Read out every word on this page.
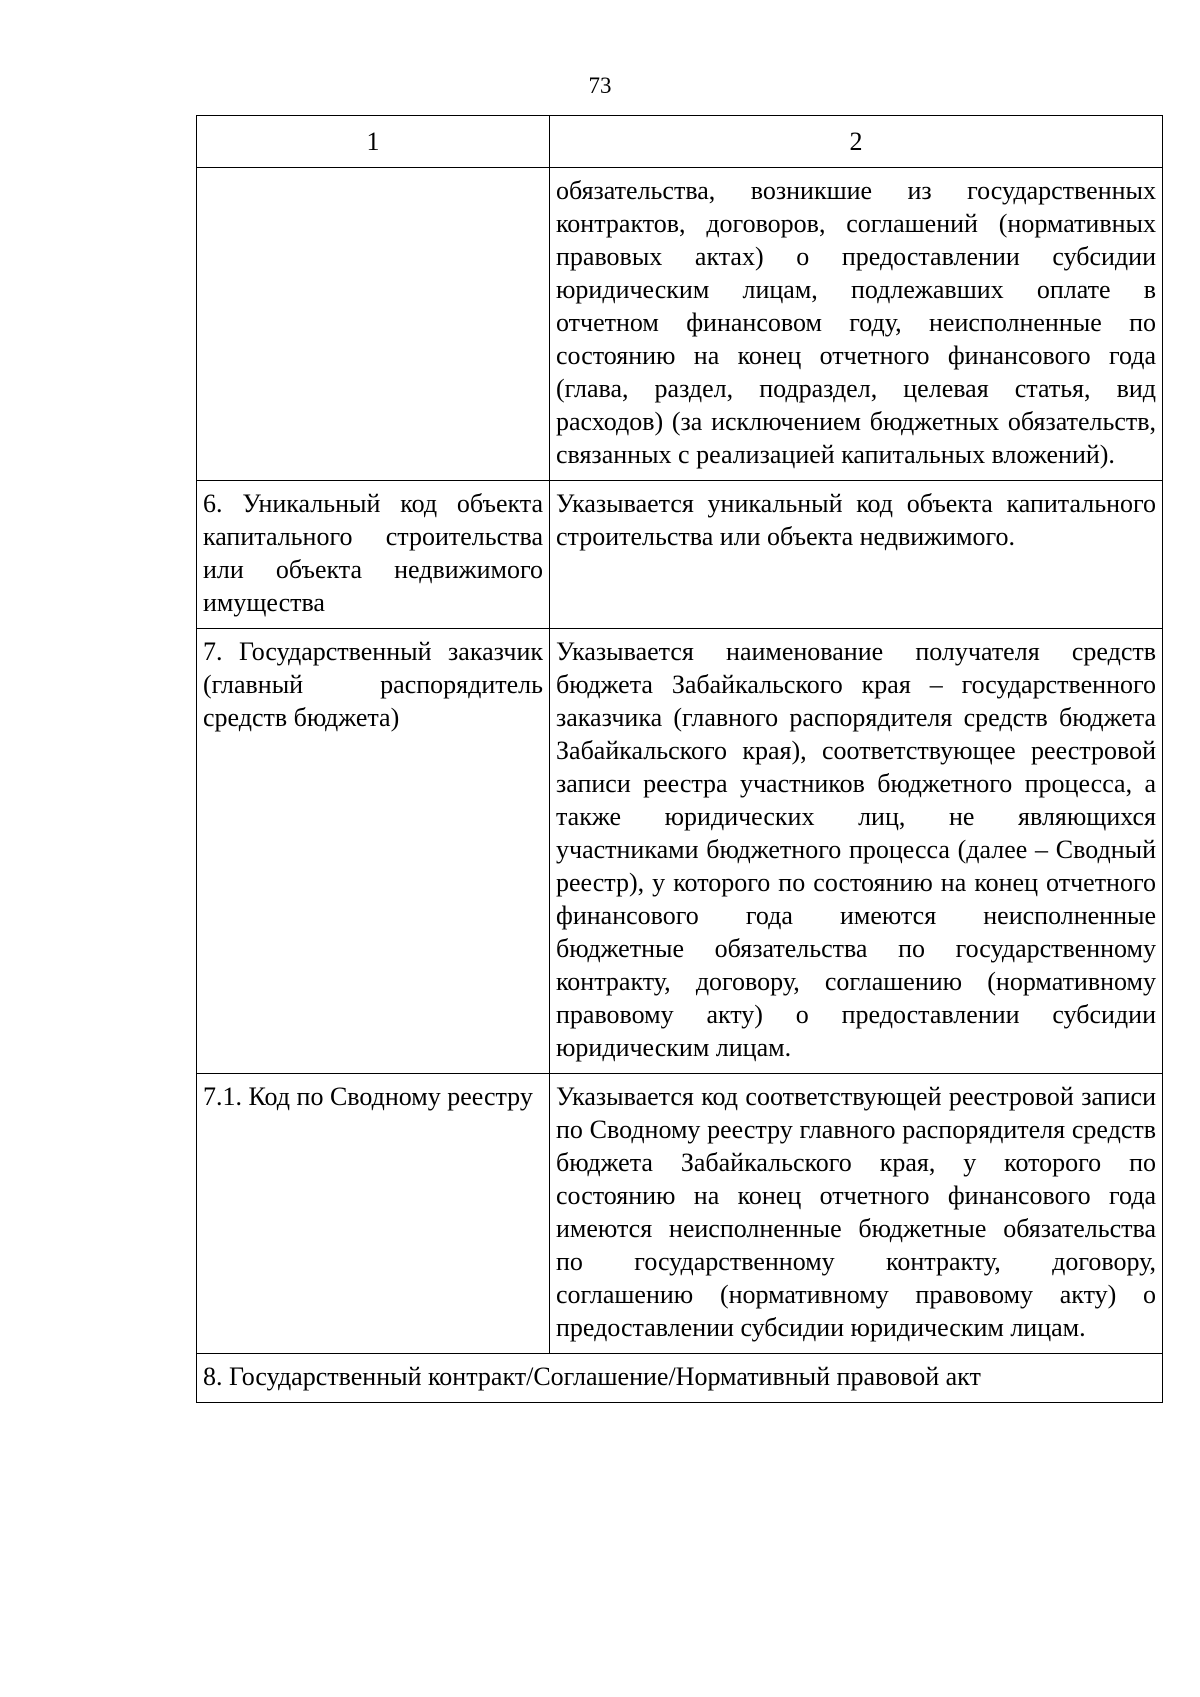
73
1	2
	обязательства, возникшие из государственных контрактов, договоров, соглашений (нормативных правовых актах) о предоставлении субсидии юридическим лицам, подлежавших оплате в отчетном финансовом году, неисполненные по состоянию на конец отчетного финансового года (глава, раздел, подраздел, целевая статья, вид расходов) (за исключением бюджетных обязательств, связанных с реализацией капитальных вложений).
6. Уникальный код объекта капитального строительства или объекта недвижимого имущества	Указывается уникальный код объекта капитального строительства или объекта недвижимого.
7. Государственный заказчик (главный распорядитель средств бюджета)	Указывается наименование получателя средств бюджета Забайкальского края – государственного заказчика (главного распорядителя средств бюджета Забайкальского края), соответствующее реестровой записи реестра участников бюджетного процесса, а также юридических лиц, не являющихся участниками бюджетного процесса (далее – Сводный реестр), у которого по состоянию на конец отчетного финансового года имеются неисполненные бюджетные обязательства по государственному контракту, договору, соглашению (нормативному правовому акту) о предоставлении субсидии юридическим лицам.
7.1. Код по Сводному реестру	Указывается код соответствующей реестровой записи по Сводному реестру главного распорядителя средств бюджета Забайкальского края, у которого по состоянию на конец отчетного финансового года имеются неисполненные бюджетные обязательства по государственному контракту, договору, соглашению (нормативному правовому акту) о предоставлении субсидии юридическим лицам.
8. Государственный контракт/Соглашение/Нормативный правовой акт	
